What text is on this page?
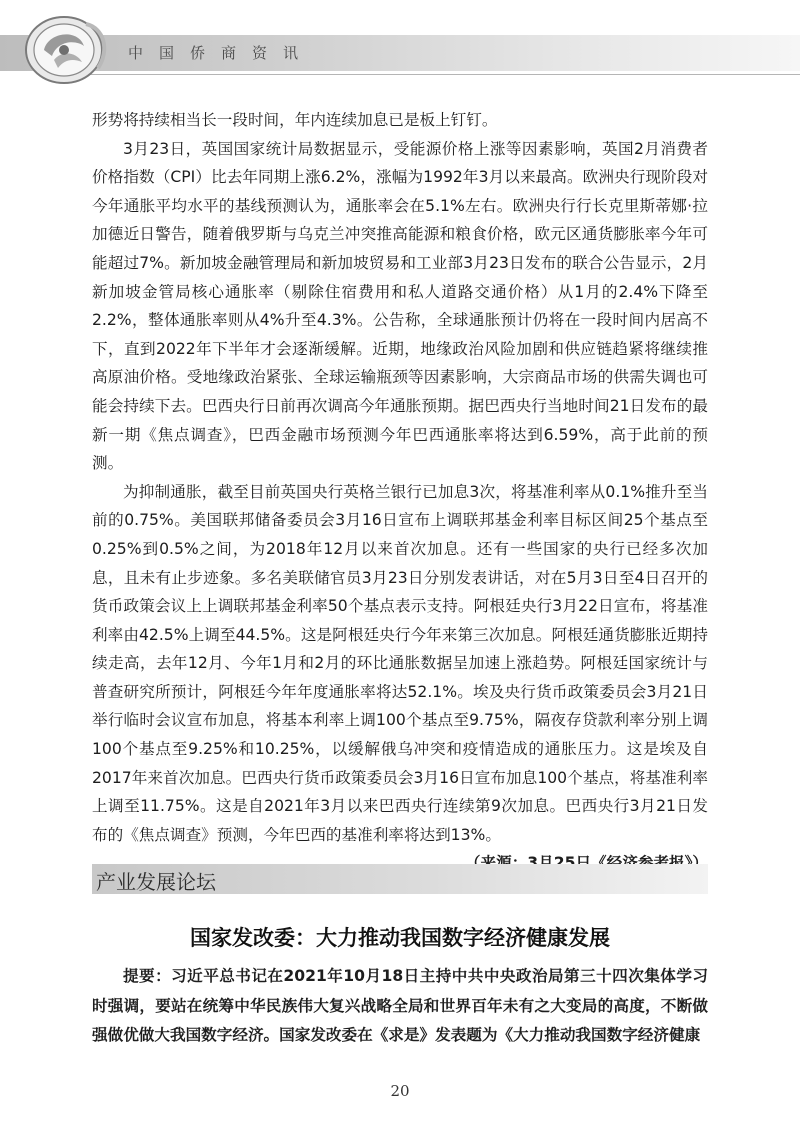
中国侨商资讯

形势将持续相当长一段时间，年内连续加息已是板上钉钉。

3月23日，英国国家统计局数据显示，受能源价格上涨等因素影响，英国2月消费者价格指数（CPI）比去年同期上涨6.2%，涨幅为1992年3月以来最高。欧洲央行现阶段对今年通胀平均水平的基线预测认为，通胀率会在5.1%左右。欧洲央行行长克里斯蒂娜·拉加德近日警告，随着俄罗斯与乌克兰冲突推高能源和粮食价格，欧元区通货膨胀率今年可能超过7%。新加坡金融管理局和新加坡贸易和工业部3月23日发布的联合公告显示，2月新加坡金管局核心通胀率（剔除住宿费用和私人道路交通价格）从1月的2.4%下降至2.2%，整体通胀率则从4%升至4.3%。公告称，全球通胀预计仍将在一段时间内居高不下，直到2022年下半年才会逐渐缓解。近期，地缘政治风险加剧和供应链趋紧将继续推高原油价格。受地缘政治紧张、全球运输瓶颈等因素影响，大宗商品市场的供需失调也可能会持续下去。巴西央行日前再次调高今年通胀预期。据巴西央行当地时间21日发布的最新一期《焦点调查》，巴西金融市场预测今年巴西通胀率将达到6.59%，高于此前的预测。

为抑制通胀，截至目前英国央行英格兰银行已加息3次，将基准利率从0.1%推升至当前的0.75%。美国联邦储备委员会3月16日宣布上调联邦基金利率目标区间25个基点至0.25%到0.5%之间，为2018年12月以来首次加息。还有一些国家的央行已经多次加息，且未有止步迹象。多名美联储官员3月23日分别发表讲话，对在5月3日至4日召开的货币政策会议上上调联邦基金利率50个基点表示支持。阿根廷央行3月22日宣布，将基准利率由42.5%上调至44.5%。这是阿根廷央行今年来第三次加息。阿根廷通货膨胀近期持续走高，去年12月、今年1月和2月的环比通胀数据呈加速上涨趋势。阿根廷国家统计与普查研究所预计，阿根廷今年年度通胀率将达52.1%。埃及央行货币政策委员会3月21日举行临时会议宣布加息，将基本利率上调100个基点至9.75%，隔夜存贷款利率分别上调100个基点至9.25%和10.25%，以缓解俄乌冲突和疫情造成的通胀压力。这是埃及自2017年来首次加息。巴西央行货币政策委员会3月16日宣布加息100个基点，将基准利率上调至11.75%。这是自2021年3月以来巴西央行连续第9次加息。巴西央行3月21日发布的《焦点调查》预测，今年巴西的基准利率将达到13%。

产业发展论坛
国家发改委：大力推动我国数字经济健康发展

提要：习近平总书记在2021年10月18日主持中共中央政治局第三十四次集体学习时强调，要站在统筹中华民族伟大复兴战略全局和世界百年未有之大变局的高度，不断做强做优做大我国数字经济。国家发改委在《求是》发表题为《大力推动我国数字经济健康

20
